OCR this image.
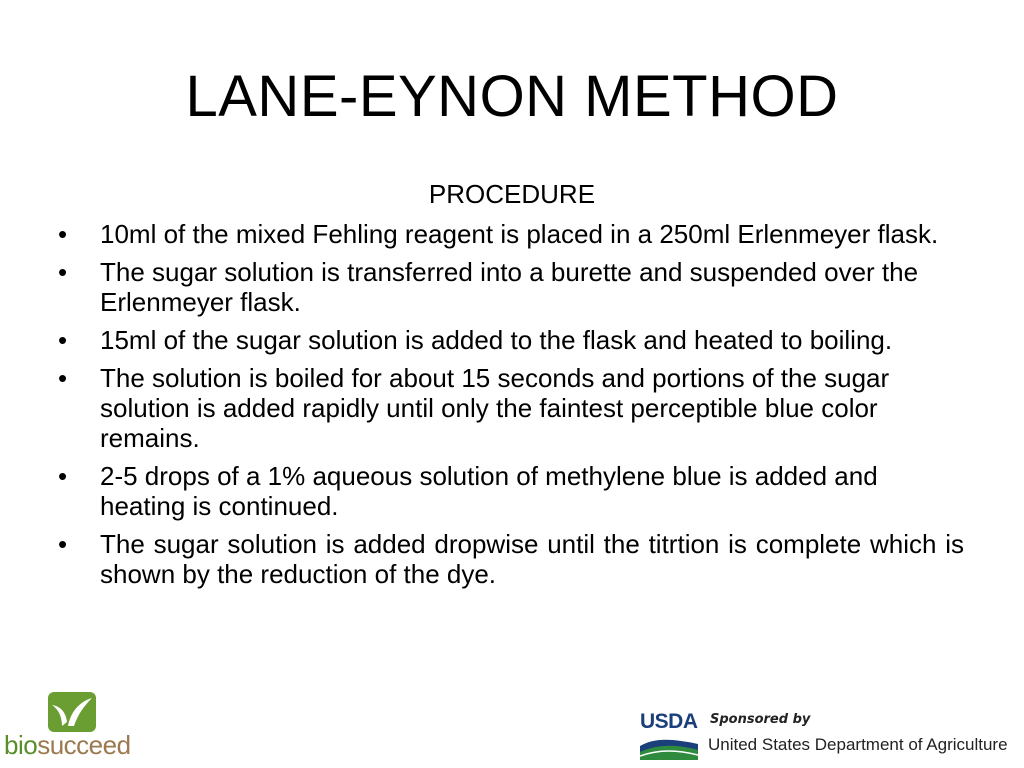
LANE-EYNON METHOD
PROCEDURE
•	10ml of the mixed Fehling reagent is placed in a 250ml Erlenmeyer flask.
•	The sugar solution is transferred into a burette and suspended over the Erlenmeyer flask.
•	15ml of the sugar solution is added to the flask and heated to boiling.
•	The solution is boiled for about 15 seconds and portions of the sugar solution is added rapidly until only the faintest perceptible blue color remains.
•	2-5 drops of a 1% aqueous solution of methylene blue is added and heating is continued.
•	The sugar solution is added dropwise until the titrtion is complete which is shown by the reduction of the dye.
biosucceed
USDA Sponsored by
United States Department of Agriculture
